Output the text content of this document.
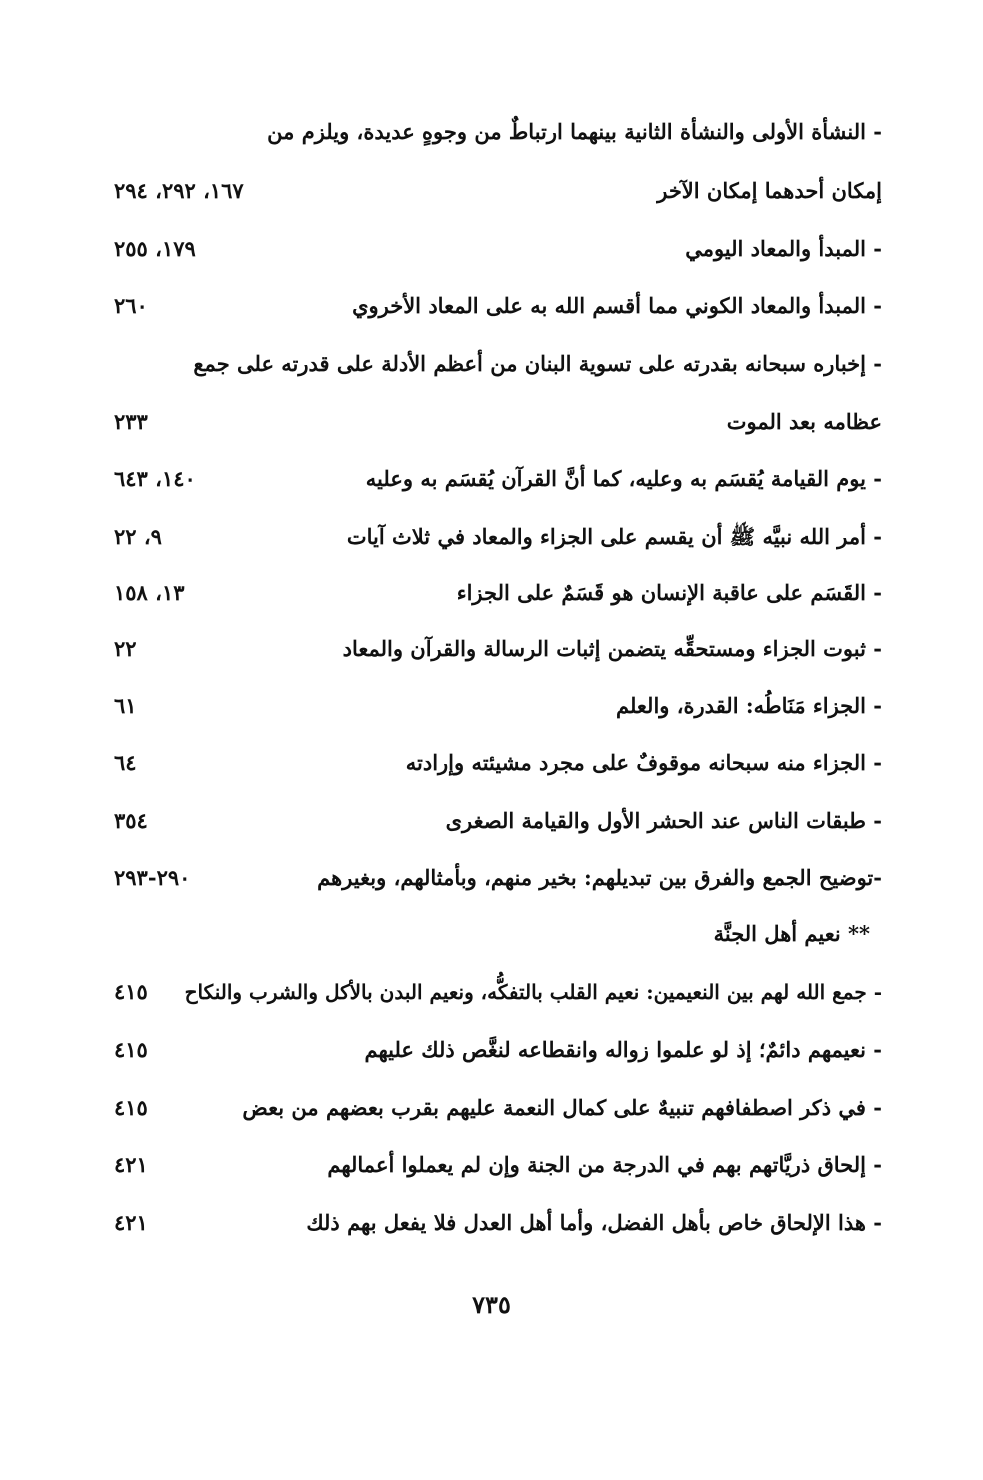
- النشأة الأولى والنشأة الثانية بينهما ارتباطٌ من وجوهٍ عديدة، ويلزم من
إمكان أحدهما إمكان الآخر
١٦٧، ٢٩٢، ٢٩٤
- المبدأ والمعاد اليومي
١٧٩، ٢٥٥
- المبدأ والمعاد الكوني مما أقسم الله به على المعاد الأخروي
٢٦٠
- إخباره سبحانه بقدرته على تسوية البنان من أعظم الأدلة على قدرته على جمع
عظامه بعد الموت
٢٣٣
- يوم القيامة يُقسَم به وعليه، كما أنَّ القرآن يُقسَم به وعليه
١٤٠، ٦٤٣
- أمر الله نبيَّه ﷺ أن يقسم على الجزاء والمعاد في ثلاث آيات
٩، ٢٢
- القَسَم على عاقبة الإنسان هو قَسَمٌ على الجزاء
١٣، ١٥٨
- ثبوت الجزاء ومستحقِّه يتضمن إثبات الرسالة والقرآن والمعاد
٢٢
- الجزاء مَنَاطُه: القدرة، والعلم
٦١
- الجزاء منه سبحانه موقوفٌ على مجرد مشيئته وإرادته
٦٤
- طبقات الناس عند الحشر الأول والقيامة الصغرى
٣٥٤
-توضيح الجمع والفرق بين تبديلهم: بخير منهم، وبأمثالهم، وبغيرهم
٢٩٠-٢٩٣
** نعيم أهل الجنَّة
- جمع الله لهم بين النعيمين: نعيم القلب بالتفكُّه، ونعيم البدن بالأكل والشرب والنكاح
٤١٥
- نعيمهم دائمٌ؛ إذ لو علموا زواله وانقطاعه لنغَّص ذلك عليهم
٤١٥
- في ذكر اصطفافهم تنبيهٌ على كمال النعمة عليهم بقرب بعضهم من بعض
٤١٥
- إلحاق ذريَّاتهم بهم في الدرجة من الجنة وإن لم يعملوا أعمالهم
٤٢١
- هذا الإلحاق خاص بأهل الفضل، وأما أهل العدل فلا يفعل بهم ذلك
٤٢١
٧٣٥
